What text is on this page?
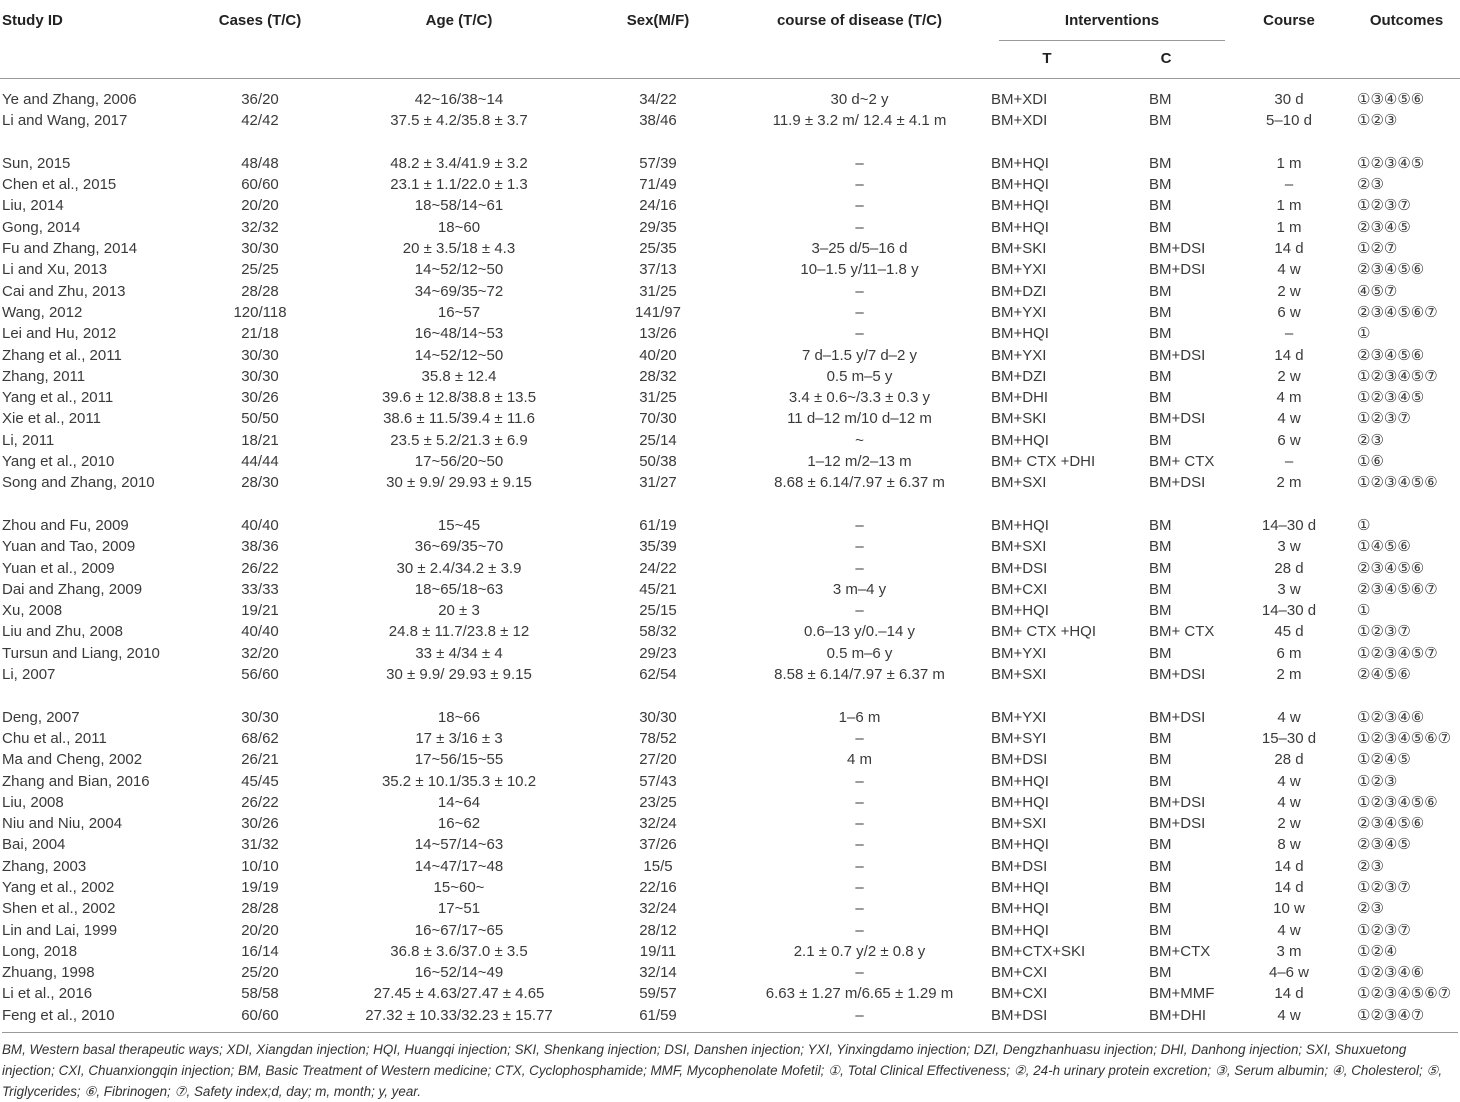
Study ID	Cases (T/C)	Age (T/C)	Sex(M/F)	course of disease (T/C)	Interventions		Course	Outcomes
					T	C		

Ye and Zhang, 2006	36/20	42~16/38~14	34/22	30 d~2 y	BM+XDI	BM	30 d	①③④⑤⑥
Li and Wang, 2017	42/42	37.5 ± 4.2/35.8 ± 3.7	38/46	11.9 ± 3.2 m/ 12.4 ± 4.1 m	BM+XDI	BM	5–10 d	①②③
Sun, 2015	48/48	48.2 ± 3.4/41.9 ± 3.2	57/39	–	BM+HQI	BM	1 m	①②③④⑤
Chen et al., 2015	60/60	23.1 ± 1.1/22.0 ± 1.3	71/49	–	BM+HQI	BM	–	②③
Liu, 2014	20/20	18~58/14~61	24/16	–	BM+HQI	BM	1 m	①②③⑦
Gong, 2014	32/32	18~60	29/35	–	BM+HQI	BM	1 m	②③④⑤
Fu and Zhang, 2014	30/30	20 ± 3.5/18 ± 4.3	25/35	3–25 d/5–16 d	BM+SKI	BM+DSI	14 d	①②⑦
Li and Xu, 2013	25/25	14~52/12~50	37/13	10–1.5 y/11–1.8 y	BM+YXI	BM+DSI	4 w	②③④⑤⑥
Cai and Zhu, 2013	28/28	34~69/35~72	31/25	–	BM+DZI	BM	2 w	④⑤⑦
Wang, 2012	120/118	16~57	141/97	–	BM+YXI	BM	6 w	②③④⑤⑥⑦
Lei and Hu, 2012	21/18	16~48/14~53	13/26	–	BM+HQI	BM	–	①
Zhang et al., 2011	30/30	14~52/12~50	40/20	7 d–1.5 y/7 d–2 y	BM+YXI	BM+DSI	14 d	②③④⑤⑥
Zhang, 2011	30/30	35.8 ± 12.4	28/32	0.5 m–5 y	BM+DZI	BM	2 w	①②③④⑤⑦
Yang et al., 2011	30/26	39.6 ± 12.8/38.8 ± 13.5	31/25	3.4 ± 0.6~/3.3 ± 0.3 y	BM+DHI	BM	4 m	①②③④⑤
Xie et al., 2011	50/50	38.6 ± 11.5/39.4 ± 11.6	70/30	11 d–12 m/10 d–12 m	BM+SKI	BM+DSI	4 w	①②③⑦
Li, 2011	18/21	23.5 ± 5.2/21.3 ± 6.9	25/14	~	BM+HQI	BM	6 w	②③
Yang et al., 2010	44/44	17~56/20~50	50/38	1–12 m/2–13 m	BM+ CTX +DHI	BM+ CTX	–	①⑥
Song and Zhang, 2010	28/30	30 ± 9.9/ 29.93 ± 9.15	31/27	8.68 ± 6.14/7.97 ± 6.37 m	BM+SXI	BM+DSI	2 m	①②③④⑤⑥
Zhou and Fu, 2009	40/40	15~45	61/19	–	BM+HQI	BM	14–30 d	①
Yuan and Tao, 2009	38/36	36~69/35~70	35/39	–	BM+SXI	BM	3 w	①④⑤⑥
Yuan et al., 2009	26/22	30 ± 2.4/34.2 ± 3.9	24/22	–	BM+DSI	BM	28 d	②③④⑤⑥
Dai and Zhang, 2009	33/33	18~65/18~63	45/21	3 m–4 y	BM+CXI	BM	3 w	②③④⑤⑥⑦
Xu, 2008	19/21	20 ± 3	25/15	–	BM+HQI	BM	14–30 d	①
Liu and Zhu, 2008	40/40	24.8 ± 11.7/23.8 ± 12	58/32	0.6–13 y/0.–14 y	BM+ CTX +HQI	BM+ CTX	45 d	①②③⑦
Tursun and Liang, 2010	32/20	33 ± 4/34 ± 4	29/23	0.5 m–6 y	BM+YXI	BM	6 m	①②③④⑤⑦
Li, 2007	56/60	30 ± 9.9/ 29.93 ± 9.15	62/54	8.58 ± 6.14/7.97 ± 6.37 m	BM+SXI	BM+DSI	2 m	②④⑤⑥
Deng, 2007	30/30	18~66	30/30	1–6 m	BM+YXI	BM+DSI	4 w	①②③④⑥
Chu et al., 2011	68/62	17 ± 3/16 ± 3	78/52	–	BM+SYI	BM	15–30 d	①②③④⑤⑥⑦
Ma and Cheng, 2002	26/21	17~56/15~55	27/20	4 m	BM+DSI	BM	28 d	①②④⑤
Zhang and Bian, 2016	45/45	35.2 ± 10.1/35.3 ± 10.2	57/43	–	BM+HQI	BM	4 w	①②③
Liu, 2008	26/22	14~64	23/25	–	BM+HQI	BM+DSI	4 w	①②③④⑤⑥
Niu and Niu, 2004	30/26	16~62	32/24	–	BM+SXI	BM+DSI	2 w	②③④⑤⑥
Bai, 2004	31/32	14~57/14~63	37/26	–	BM+HQI	BM	8 w	②③④⑤
Zhang, 2003	10/10	14~47/17~48	15/5	–	BM+DSI	BM	14 d	②③
Yang et al., 2002	19/19	15~60~	22/16	–	BM+HQI	BM	14 d	①②③⑦
Shen et al., 2002	28/28	17~51	32/24	–	BM+HQI	BM	10 w	②③
Lin and Lai, 1999	20/20	16~67/17~65	28/12	–	BM+HQI	BM	4 w	①②③⑦
Long, 2018	16/14	36.8 ± 3.6/37.0 ± 3.5	19/11	2.1 ± 0.7 y/2 ± 0.8 y	BM+CTX+SKI	BM+CTX	3 m	①②④
Zhuang, 1998	25/20	16~52/14~49	32/14	–	BM+CXI	BM	4–6 w	①②③④⑥
Li et al., 2016	58/58	27.45 ± 4.63/27.47 ± 4.65	59/57	6.63 ± 1.27 m/6.65 ± 1.29 m	BM+CXI	BM+MMF	14 d	①②③④⑤⑥⑦
Feng et al., 2010	60/60	27.32 ± 10.33/32.23 ± 15.77	61/59	–	BM+DSI	BM+DHI	4 w	①②③④⑦
BM, Western basal therapeutic ways; XDI, Xiangdan injection; HQI, Huangqi injection; SKI, Shenkang injection; DSI, Danshen injection; YXI, Yinxingdamo injection; DZI, Dengzhanhuasu injection; DHI, Danhong injection; SXI, Shuxuetong injection; CXI, Chuanxiongqin injection; BM, Basic Treatment of Western medicine; CTX, Cyclophosphamide; MMF, Mycophenolate Mofetil; ①, Total Clinical Effectiveness; ②, 24-h urinary protein excretion; ③, Serum albumin; ④, Cholesterol; ⑤, Triglycerides; ⑥, Fibrinogen; ⑦, Safety index;d, day; m, month; y, year.
